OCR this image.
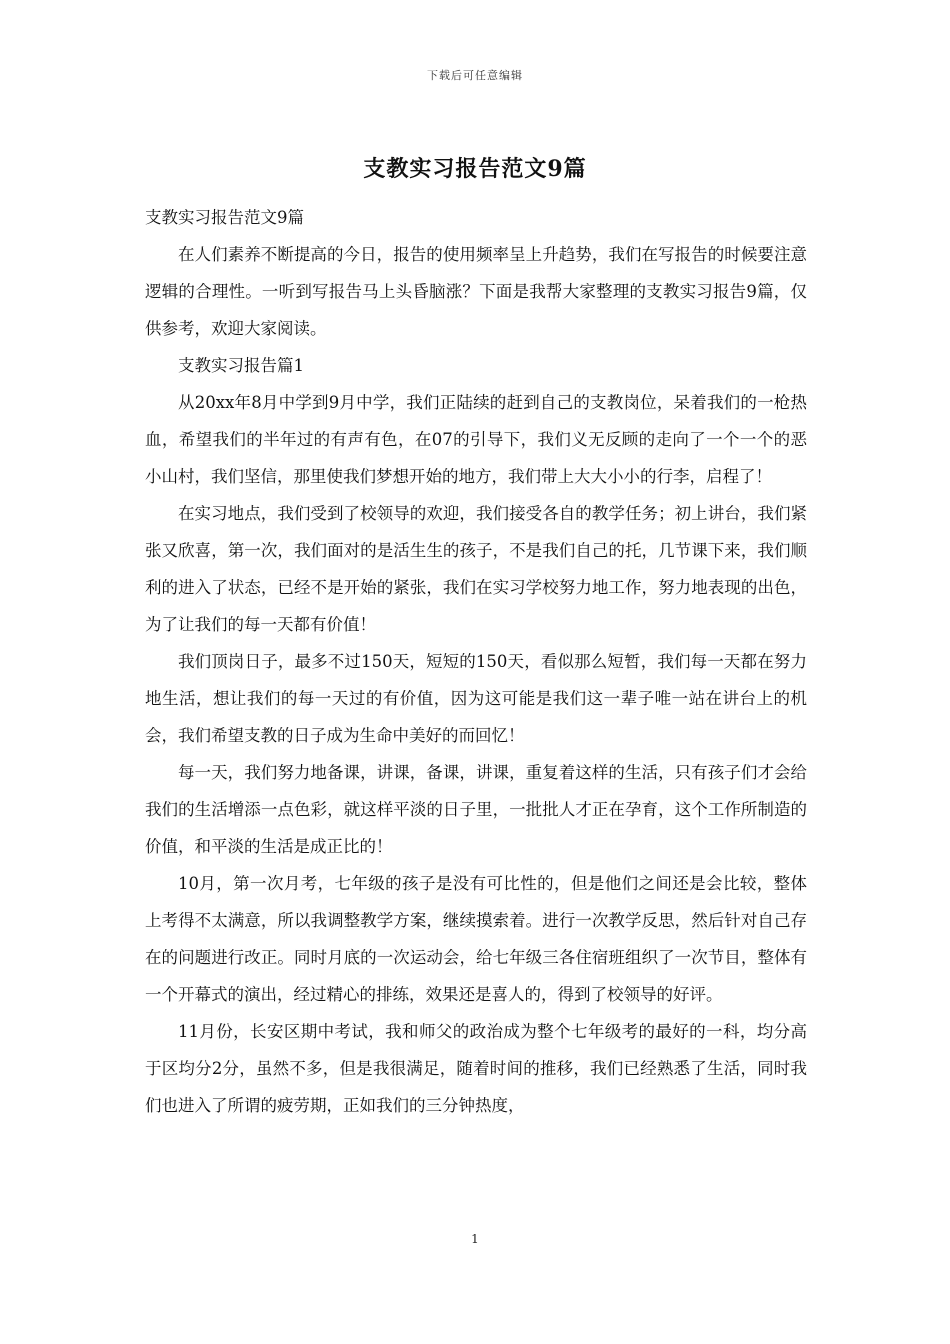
下载后可任意编辑
支教实习报告范文9篇

支教实习报告范文9篇

在人们素养不断提高的今日，报告的使用频率呈上升趋势，我们在写报告的时候要注意逻辑的合理性。一听到写报告马上头昏脑涨？下面是我帮大家整理的支教实习报告9篇，仅供参考，欢迎大家阅读。

支教实习报告篇1

从20xx年8月中学到9月中学，我们正陆续的赶到自己的支教岗位，呆着我们的一枪热血，希望我们的半年过的有声有色，在07的引导下，我们义无反顾的走向了一个一个的恶小山村，我们坚信，那里使我们梦想开始的地方，我们带上大大小小的行李，启程了！

在实习地点，我们受到了校领导的欢迎，我们接受各自的教学任务；初上讲台，我们紧张又欣喜，第一次，我们面对的是活生生的孩子，不是我们自己的托，几节课下来，我们顺利的进入了状态，已经不是开始的紧张，我们在实习学校努力地工作，努力地表现的出色，为了让我们的每一天都有价值！

我们顶岗日子，最多不过150天，短短的150天，看似那么短暂，我们每一天都在努力地生活，想让我们的每一天过的有价值，因为这可能是我们这一辈子唯一站在讲台上的机会，我们希望支教的日子成为生命中美好的而回忆！

每一天，我们努力地备课，讲课，备课，讲课，重复着这样的生活，只有孩子们才会给我们的生活增添一点色彩，就这样平淡的日子里，一批批人才正在孕育，这个工作所制造的价值，和平淡的生活是成正比的！

10月，第一次月考，七年级的孩子是没有可比性的，但是他们之间还是会比较，整体上考得不太满意，所以我调整教学方案，继续摸索着。进行一次教学反思，然后针对自己存在的问题进行改正。同时月底的一次运动会，给七年级三各住宿班组织了一次节目，整体有一个开幕式的演出，经过精心的排练，效果还是喜人的，得到了校领导的好评。

11月份，长安区期中考试，我和师父的政治成为整个七年级考的最好的一科，均分高于区均分2分，虽然不多，但是我很满足，随着时间的推移，我们已经熟悉了生活，同时我们也进入了所谓的疲劳期，正如我们的三分钟热度，

1
